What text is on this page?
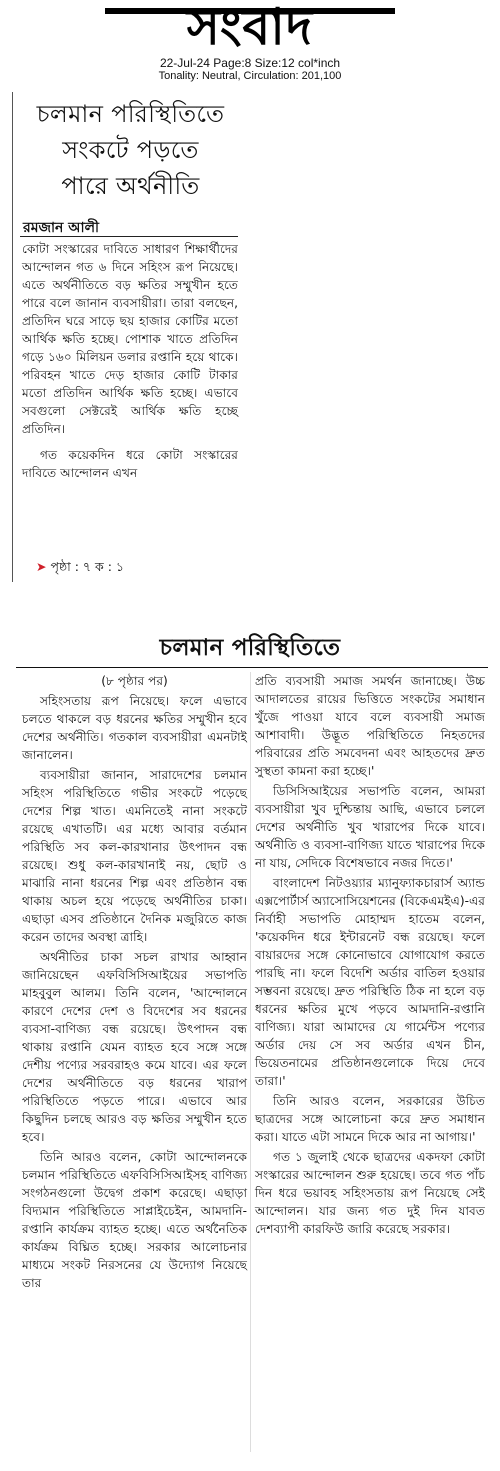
সংবাদ
22-Jul-24 Page:8 Size:12 col*inch
Tonality: Neutral, Circulation: 201,100
চলমান পরিস্থিতিতে
সংকটে পড়তে
পারে অর্থনীতি
রমজান আলী

কোটা সংস্কারের দাবিতে সাধারণ শিক্ষার্থীদের আন্দোলন গত ৬ দিনে সহিংস রূপ নিয়েছে। এতে অর্থনীতিতে বড় ক্ষতির সম্মুখীন হতে পারে বলে জানান ব্যবসায়ীরা। তারা বলছেন, প্রতিদিন ঘরে সাড়ে ছয় হাজার কোটির মতো আর্থিক ক্ষতি হচ্ছে। পোশাক খাতে প্রতিদিন গড়ে ১৬০ মিলিয়ন ডলার রপ্তানি হয়ে থাকে। পরিবহন খাতে দেড় হাজার কোটি টাকার মতো প্রতিদিন আর্থিক ক্ষতি হচ্ছে। এভাবে সবগুলো সেক্টরেই আর্থিক ক্ষতি হচ্ছে প্রতিদিন।

গত কয়েকদিন ধরে কোটা সংস্কারের দাবিতে আন্দোলন এখন

➤ পৃষ্ঠা : ৭ ক : ১
চলমান পরিস্থিতিতে

(৮ পৃষ্ঠার পর)

সহিংসতায় রূপ নিয়েছে। ফলে এভাবে চলতে থাকলে বড় ধরনের ক্ষতির সম্মুখীন হবে দেশের অর্থনীতি। গতকাল ব্যবসায়ীরা এমনটাই জানালেন।

ব্যবসায়ীরা জানান, সারাদেশের চলমান সহিংস পরিস্থিতিতে গভীর সংকটে পড়েছে দেশের শিল্প খাত। এমনিতেই নানা সংকটে রয়েছে এখাতটি। এর মধ্যে আবার বর্তমান পরিস্থিতি সব কল-কারখানার উৎপাদন বন্ধ রয়েছে। শুধু কল-কারখানাই নয়, ছোট ও মাঝারি নানা ধরনের শিল্প এবং প্রতিষ্ঠান বন্ধ থাকায় অচল হয়ে পড়েছে অর্থনীতির চাকা। এছাড়া এসব প্রতিষ্ঠানে দৈনিক মজুরিতে কাজ করেন তাদের অবস্থা ত্রাহি।

অর্থনীতির চাকা সচল রাখার আহ্বান জানিয়েছেন এফবিসিসিআইয়ের সভাপতি মাহবুবুল আলম। তিনি বলেন, 'আন্দোলনে কারণে দেশের দেশ ও বিদেশের সব ধরনের ব্যবসা-বাণিজ্য বন্ধ রয়েছে। উৎপাদন বন্ধ থাকায় রপ্তানি যেমন ব্যাহত হবে সঙ্গে সঙ্গে দেশীয় পণ্যের সরবরাহও কমে যাবে। এর ফলে দেশের অর্থনীতিতে বড় ধরনের খারাপ পরিস্থিতিতে পড়তে পারে। এভাবে আর কিছুদিন চলছে আরও বড় ক্ষতির সম্মুখীন হতে হবে।

তিনি আরও বলেন, কোটা আন্দোলনকে চলমান পরিস্থিতিতে এফবিসিসিআইসহ বাণিজ্য সংগঠনগুলো উদ্বেগ প্রকাশ করেছে। এছাড়া বিদ্যমান পরিস্থিতিতে সাপ্লাইচেইন, আমদানি-রপ্তানি কার্যক্রম ব্যাহত হচ্ছে। এতে অর্থনৈতিক কার্যক্রম বিঘ্নিত হচ্ছে। সরকার আলোচনার মাধ্যমে সংকট নিরসনের যে উদ্যোগ নিয়েছে তার

প্রতি ব্যবসায়ী সমাজ সমর্থন জানাচ্ছে। উচ্চ আদালতের রায়ের ভিত্তিতে সংকটের সমাধান খুঁজে পাওয়া যাবে বলে ব্যবসায়ী সমাজ আশাবাদী। উদ্ভূত পরিস্থিতিতে নিহতদের পরিবারের প্রতি সমবেদনা এবং আহতদের দ্রুত সুস্থতা কামনা করা হচ্ছে।'

ডিসিসিআইয়ের সভাপতি বলেন, আমরা ব্যবসায়ীরা খুব দুশ্চিন্তায় আছি, এভাবে চললে দেশের অর্থনীতি খুব খারাপের দিকে যাবে। অর্থনীতি ও ব্যবসা-বাণিজ্য যাতে খারাপের দিকে না যায়, সেদিকে বিশেষভাবে নজর দিতে।'

বাংলাদেশ নিটওয়্যার ম্যানুফ্যাকচারার্স অ্যান্ড এক্সপোর্টার্স অ্যাসোসিয়েশনের (বিকেএমইএ)-এর নির্বাহী সভাপতি মোহাম্মদ হাতেম বলেন, 'কয়েকদিন ধরে ইন্টারনেট বন্ধ রয়েছে। ফলে বায়ারদের সঙ্গে কোনোভাবে যোগাযোগ করতে পারছি না। ফলে বিদেশি অর্ডার বাতিল হওয়ার সম্ভবনা রয়েছে। দ্রুত পরিস্থিতি ঠিক না হলে বড় ধরনের ক্ষতির মুখে পড়বে আমদানি-রপ্তানি বাণিজ্য। যারা আমাদের যে গার্মেন্টস পণ্যের অর্ডার দেয় সে সব অর্ডার এখন চীন, ভিয়েতনামের প্রতিষ্ঠানগুলোকে দিয়ে দেবে তারা।'

তিনি আরও বলেন, সরকারের উচিত ছাত্রদের সঙ্গে আলোচনা করে দ্রুত সমাধান করা। যাতে এটা সামনে দিকে আর না আগায়।'

গত ১ জুলাই থেকে ছাত্রদের একদফা কোটা সংস্কারের আন্দোলন শুরু হয়েছে। তবে গত পাঁচ দিন ধরে ভয়াবহ সহিংসতায় রূপ নিয়েছে সেই আন্দোলন। যার জন্য গত দুই দিন যাবত দেশব্যাপী কারফিউ জারি করেছে সরকার।
